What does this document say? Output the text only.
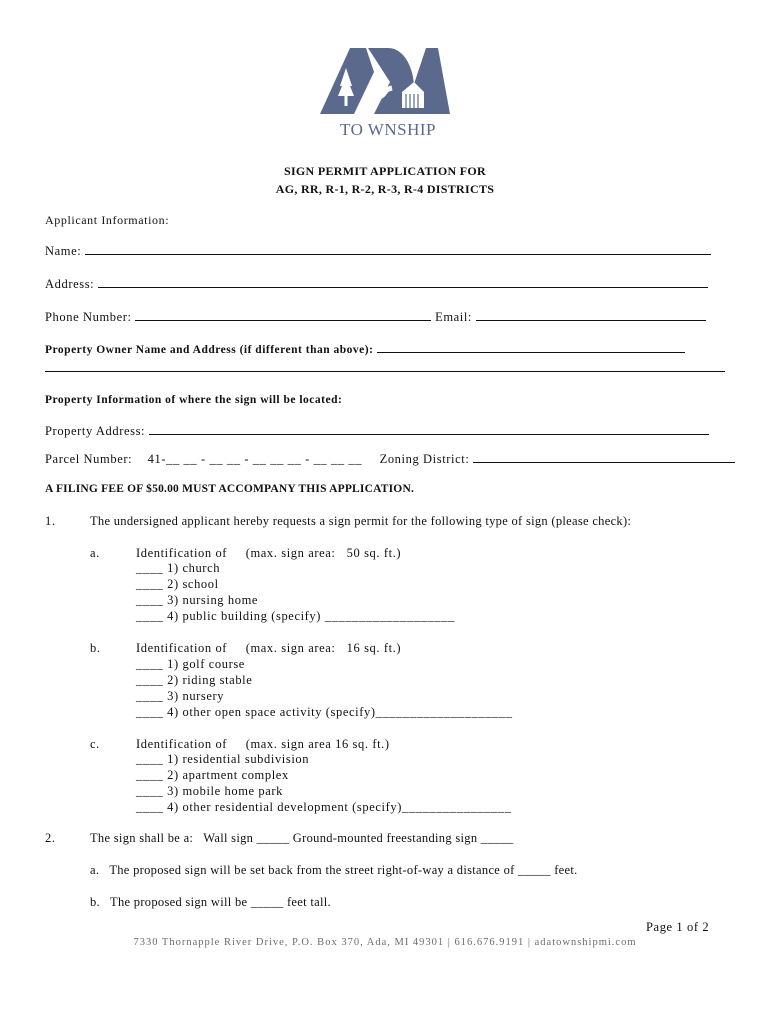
TO WNSHIP
SIGN PERMIT APPLICATION FOR
AG, RR, R-1, R-2, R-3, R-4 DISTRICTS
Applicant Information:
Name:
Address:
Phone Number:	Email:
Property Owner Name and Address (if different than above):
Property Information of where the sign will be located:
Property Address:
Parcel Number: 41-__ __ - __ __ - __ __ __ - __ __ __ Zoning District:
A FILING FEE OF $50.00 MUST ACCOMPANY THIS APPLICATION.
1.	The undersigned applicant hereby requests a sign permit for the following type of sign (please check):
a.	Identification of     (max. sign area:   50 sq. ft.)
____ 1) church
____ 2) school
____ 3) nursing home
____ 4) public building (specify) ___________________
b.	Identification of     (max. sign area:   16 sq. ft.)
____ 1) golf course
____ 2) riding stable
____ 3) nursery
____ 4) other open space activity (specify)____________________
c.	Identification of     (max. sign area 16 sq. ft.)
____ 1) residential subdivision
____ 2) apartment complex
____ 3) mobile home park
____ 4) other residential development (specify)________________
2.	The sign shall be a:   Wall sign _____ Ground-mounted freestanding sign _____
a.   The proposed sign will be set back from the street right-of-way a distance of _____ feet.
b.   The proposed sign will be _____ feet tall.
Page 1 of 2
7330 Thornapple River Drive, P.O. Box 370, Ada, MI 49301 | 616.676.9191 | adatownshipmi.com
